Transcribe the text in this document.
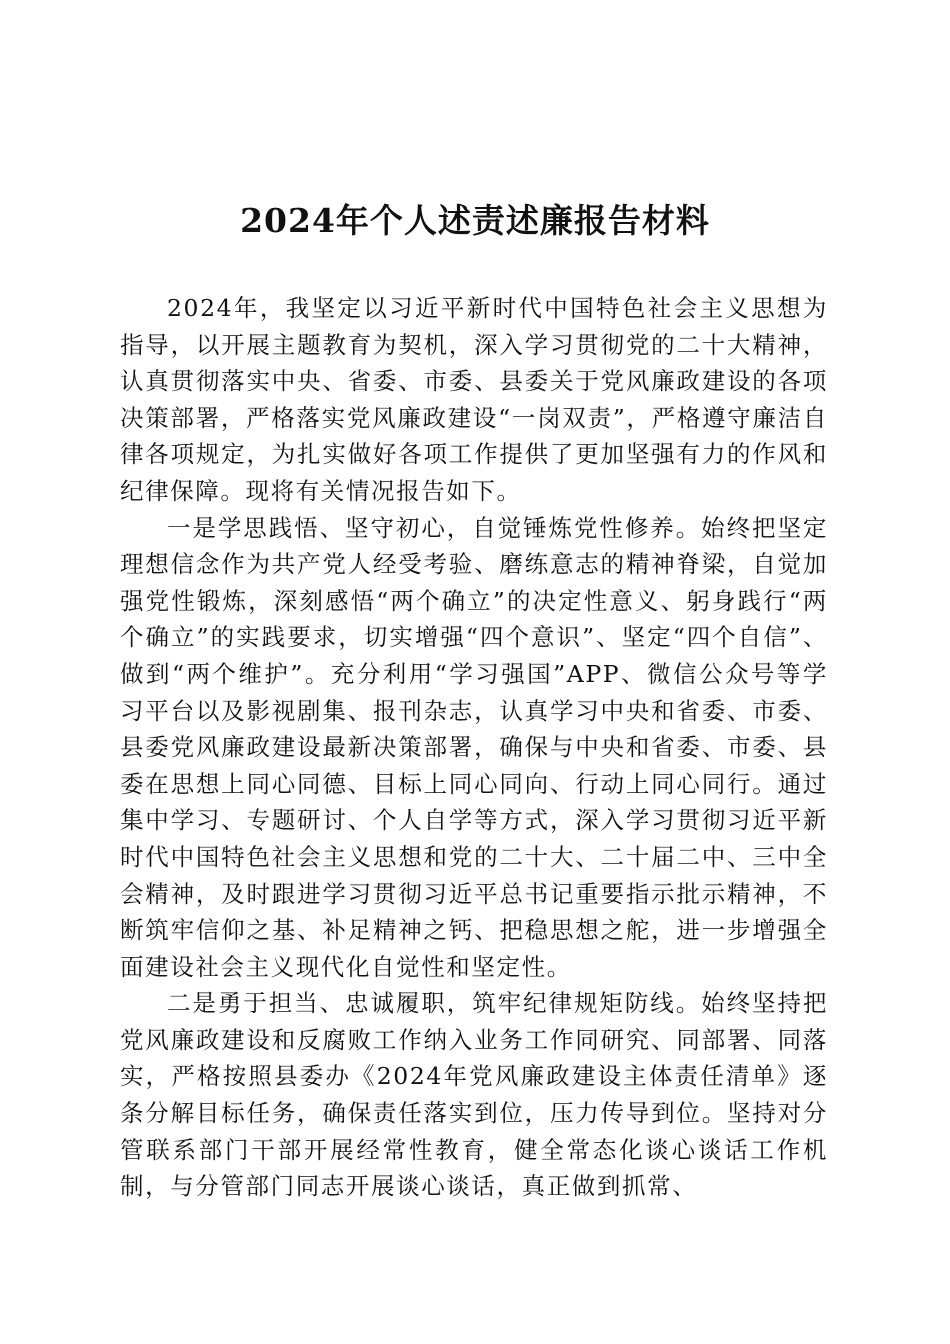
2024年个人述责述廉报告材料

2024年，我坚定以习近平新时代中国特色社会主义思想为指导，以开展主题教育为契机，深入学习贯彻党的二十大精神，认真贯彻落实中央、省委、市委、县委关于党风廉政建设的各项决策部署，严格落实党风廉政建设“一岗双责”，严格遵守廉洁自律各项规定，为扎实做好各项工作提供了更加坚强有力的作风和纪律保障。现将有关情况报告如下。

一是学思践悟、坚守初心，自觉锤炼党性修养。始终把坚定理想信念作为共产党人经受考验、磨练意志的精神脊梁，自觉加强党性锻炼，深刻感悟“两个确立”的决定性意义、躬身践行“两个确立”的实践要求，切实增强“四个意识”、坚定“四个自信”、做到“两个维护”。充分利用“学习强国”APP、微信公众号等学习平台以及影视剧集、报刊杂志，认真学习中央和省委、市委、县委党风廉政建设最新决策部署，确保与中央和省委、市委、县委在思想上同心同德、目标上同心同向、行动上同心同行。通过集中学习、专题研讨、个人自学等方式，深入学习贯彻习近平新时代中国特色社会主义思想和党的二十大、二十届二中、三中全会精神，及时跟进学习贯彻习近平总书记重要指示批示精神，不断筑牢信仰之基、补足精神之钙、把稳思想之舵，进一步增强全面建设社会主义现代化自觉性和坚定性。

二是勇于担当、忠诚履职，筑牢纪律规矩防线。始终坚持把党风廉政建设和反腐败工作纳入业务工作同研究、同部署、同落实，严格按照县委办《2024年党风廉政建设主体责任清单》逐条分解目标任务，确保责任落实到位，压力传导到位。坚持对分管联系部门干部开展经常性教育，健全常态化谈心谈话工作机制，与分管部门同志开展谈心谈话，真正做到抓常、
